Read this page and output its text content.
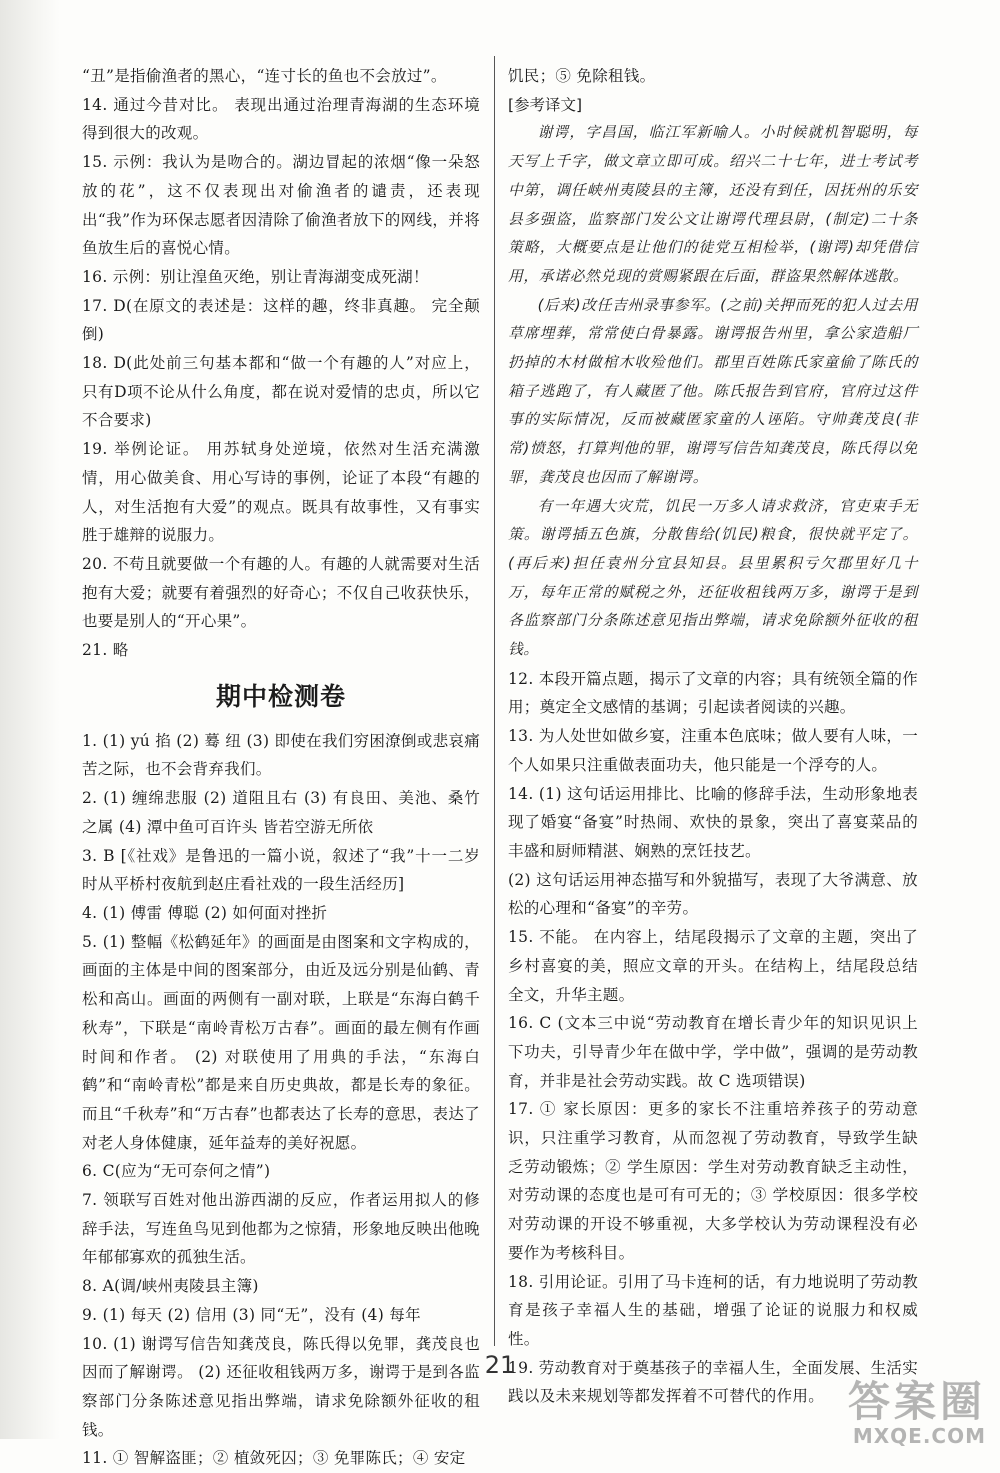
“丑”是指偷渔者的黑心，“连寸长的鱼也不会放过”。

14. 通过今昔对比。 表现出通过治理青海湖的生态环境得到很大的改观。

15. 示例：我认为是吻合的。湖边冒起的浓烟“像一朵怒放的花”，这不仅表现出对偷渔者的谴责，还表现出“我”作为环保志愿者因清除了偷渔者放下的网线，并将鱼放生后的喜悦心情。

16. 示例：别让湟鱼灭绝，别让青海湖变成死湖！

17. D(在原文的表述是：这样的趣，终非真趣。 完全颠倒)

18. D(此处前三句基本都和“做一个有趣的人”对应上，只有D项不论从什么角度，都在说对爱情的忠贞，所以它不合要求)

19. 举例论证。 用苏轼身处逆境，依然对生活充满激情，用心做美食、用心写诗的事例，论证了本段“有趣的人，对生活抱有大爱”的观点。既具有故事性，又有事实胜于雄辩的说服力。

20. 不苟且就要做一个有趣的人。有趣的人就需要对生活抱有大爱；就要有着强烈的好奇心；不仅自己收获快乐，也要是别人的“开心果”。

21. 略

期中检测卷

1. (1) yú 掐 (2) 蓦 纽 (3) 即使在我们穷困潦倒或悲哀痛苦之际，也不会背弃我们。

2. (1) 缠绵悲服 (2) 道阻且右 (3) 有良田、美池、桑竹之属 (4) 潭中鱼可百许头 皆若空游无所依

3. B [《社戏》是鲁迅的一篇小说，叙述了“我”十一二岁时从平桥村夜航到赵庄看社戏的一段生活经历]

4. (1) 傅雷 傅聪 (2) 如何面对挫折

5. (1) 整幅《松鹤延年》的画面是由图案和文字构成的，画面的主体是中间的图案部分，由近及远分别是仙鹤、青松和高山。画面的两侧有一副对联，上联是“东海白鹤千秋寿”，下联是“南岭青松万古春”。画面的最左侧有作画时间和作者。 (2) 对联使用了用典的手法，“东海白鹤”和“南岭青松”都是来自历史典故，都是长寿的象征。而且“千秋寿”和“万古春”也都表达了长寿的意思，表达了对老人身体健康，延年益寿的美好祝愿。

6. C(应为“无可奈何之情”)

7. 领联写百姓对他出游西湖的反应，作者运用拟人的修辞手法，写连鱼鸟见到他都为之惊猜，形象地反映出他晚年郁郁寡欢的孤独生活。

8. A(调/峡州夷陵县主簿)

9. (1) 每天 (2) 信用 (3) 同“无”，没有 (4) 每年

10. (1) 谢谔写信告知龚茂良，陈氏得以免罪，龚茂良也因而了解谢谔。 (2) 还征收租钱两万多，谢谔于是到各监察部门分条陈述意见指出弊端，请求免除额外征收的租钱。

11. ① 智解盗匪；② 植敛死囚；③ 免罪陈氏；④ 安定

饥民；⑤ 免除租钱。

[参考译文]

谢谔，字昌国，临江军新喻人。小时候就机智聪明，每天写上千字，做文章立即可成。绍兴二十七年，进士考试考中第，调任峡州夷陵县的主簿，还没有到任，因抚州的乐安县多强盗，监察部门发公文让谢谔代理县尉，(制定)二十条策略，大概要点是让他们的徒党互相检举，(谢谔)却凭借信用，承诺必然兑现的赏赐紧跟在后面，群盗果然解体逃散。

(后来)改任吉州录事参军。(之前)关押而死的犯人过去用草席埋葬，常常使白骨暴露。谢谔报告州里，拿公家造船厂扔掉的木材做棺木收殓他们。郡里百姓陈氏家童偷了陈氏的箱子逃跑了，有人藏匿了他。陈氏报告到官府，官府过这件事的实际情况，反而被藏匿家童的人诬陷。守帅龚茂良(非常)愤怒，打算判他的罪，谢谔写信告知龚茂良，陈氏得以免罪，龚茂良也因而了解谢谔。

有一年遇大灾荒，饥民一万多人请求救济，官吏束手无策。谢谔插五色旗，分散售给(饥民)粮食，很快就平定了。(再后来)担任袁州分宜县知县。县里累积亏欠郡里好几十万，每年正常的赋税之外，还征收租钱两万多，谢谔于是到各监察部门分条陈述意见指出弊端，请求免除额外征收的租钱。

12. 本段开篇点题，揭示了文章的内容；具有统领全篇的作用；奠定全文感情的基调；引起读者阅读的兴趣。

13. 为人处世如做乡宴，注重本色底味；做人要有人味，一个人如果只注重做表面功夫，他只能是一个浮夸的人。

14. (1) 这句话运用排比、比喻的修辞手法，生动形象地表现了婚宴“备宴”时热闹、欢快的景象，突出了喜宴菜品的丰盛和厨师精湛、娴熟的烹饪技艺。

(2) 这句话运用神态描写和外貌描写，表现了大爷满意、放松的心理和“备宴”的辛劳。

15. 不能。 在内容上，结尾段揭示了文章的主题，突出了乡村喜宴的美，照应文章的开头。在结构上，结尾段总结全文，升华主题。

16. C (文本三中说“劳动教育在增长青少年的知识见识上下功夫，引导青少年在做中学，学中做”，强调的是劳动教育，并非是社会劳动实践。故 C 选项错误)

17. ① 家长原因：更多的家长不注重培养孩子的劳动意识，只注重学习教育，从而忽视了劳动教育，导致学生缺乏劳动锻炼；② 学生原因：学生对劳动教育缺乏主动性，对劳动课的态度也是可有可无的；③ 学校原因：很多学校对劳动课的开设不够重视，大多学校认为劳动课程没有必要作为考核科目。

18. 引用论证。引用了马卡连柯的话，有力地说明了劳动教育是孩子幸福人生的基础，增强了论证的说服力和权威性。

19. 劳动教育对于奠基孩子的幸福人生，全面发展、生活实践以及未来规划等都发挥着不可替代的作用。

21
答案圈
MXQE.COM
